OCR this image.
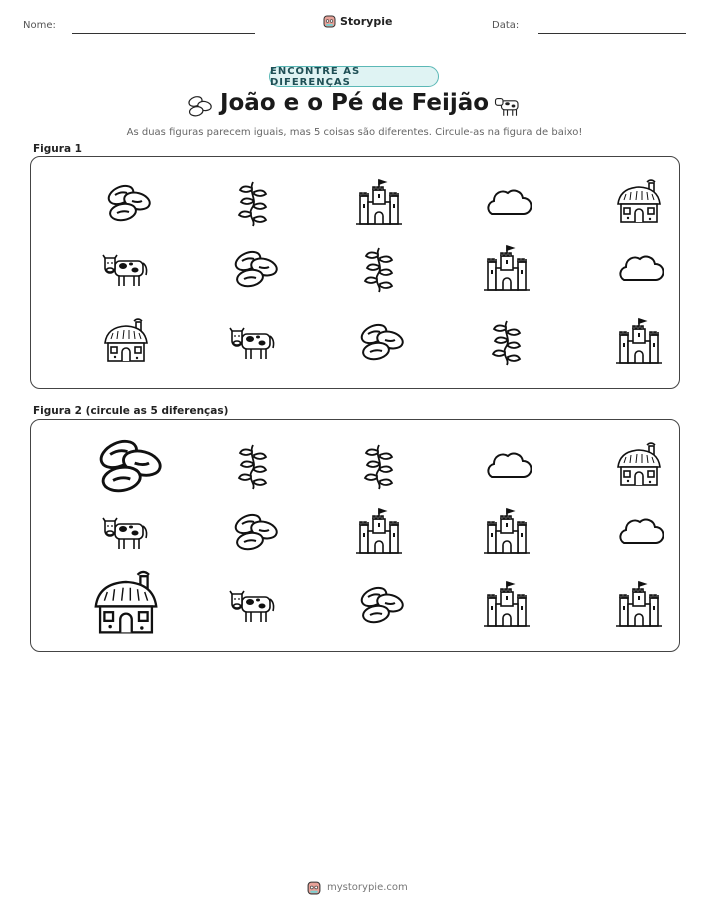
Nome:	Storypie	Data:
ENCONTRE AS DIFERENÇAS
João e o Pé de Feijão
As duas figuras parecem iguais, mas 5 coisas são diferentes. Circule-as na figura de baixo!
Figura 1
Figura 2 (circule as 5 diferenças)
mystorypie.com
